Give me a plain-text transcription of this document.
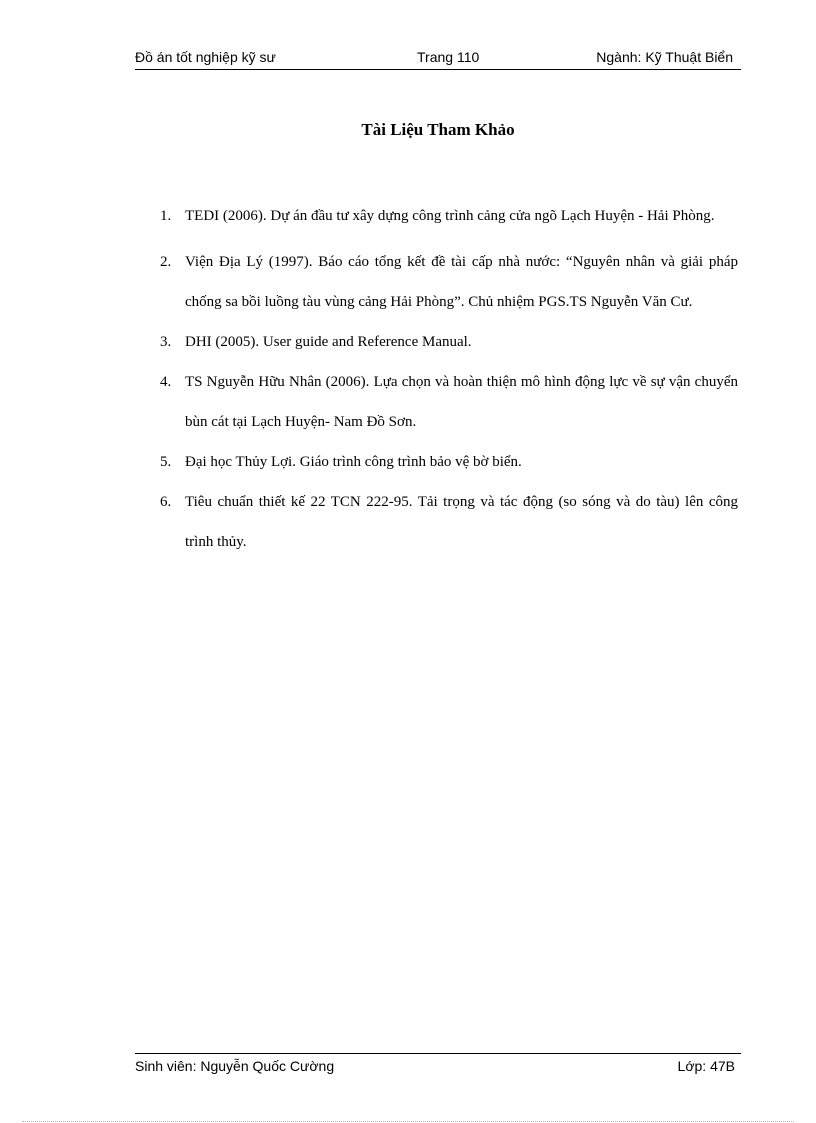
Đồ án tốt nghiệp kỹ sư	Trang 110	Ngành: Kỹ Thuật Biển
Tài Liệu Tham Khảo
1. TEDI (2006). Dự án đầu tư xây dựng công trình cảng cửa ngõ Lạch Huyện - Hải Phòng.
2. Viện Địa Lý (1997). Báo cáo tổng kết đề tài cấp nhà nước: “Nguyên nhân và giải pháp chống sa bồi luồng tàu vùng cảng Hải Phòng”. Chủ nhiệm PGS.TS Nguyễn Văn Cư.
3. DHI (2005). User guide and Reference Manual.
4. TS Nguyễn Hữu Nhân (2006). Lựa chọn và hoàn thiện mô hình động lực về sự vận chuyển bùn cát tại Lạch Huyện- Nam Đồ Sơn.
5. Đại học Thủy Lợi. Giáo trình công trình bảo vệ bờ biển.
6. Tiêu chuẩn thiết kế 22 TCN 222-95. Tải trọng và tác động (so sóng và do tàu) lên công trình thủy.
Sinh viên: Nguyễn Quốc Cường	Lớp: 47B
